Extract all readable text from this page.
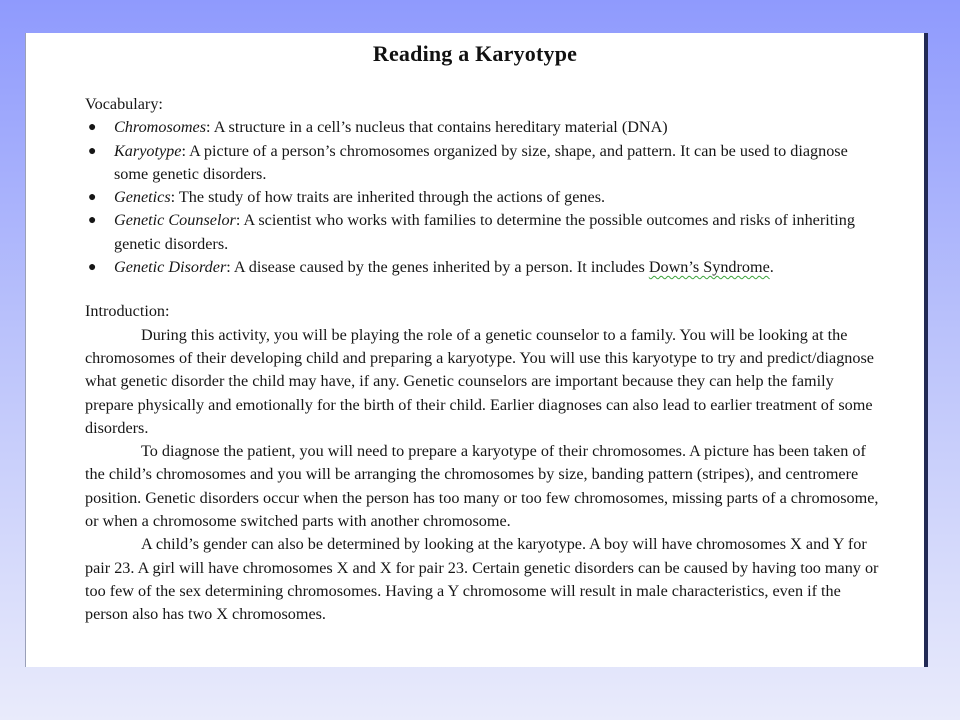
Reading a Karyotype

Vocabulary:

● Chromosomes: A structure in a cell’s nucleus that contains hereditary material (DNA)
● Karyotype: A picture of a person’s chromosomes organized by size, shape, and pattern. It can be used to diagnose some genetic disorders.
● Genetics: The study of how traits are inherited through the actions of genes.
● Genetic Counselor: A scientist who works with families to determine the possible outcomes and risks of inheriting genetic disorders.
● Genetic Disorder: A disease caused by the genes inherited by a person. It includes Down’s Syndrome.

Introduction:

During this activity, you will be playing the role of a genetic counselor to a family. You will be looking at the chromosomes of their developing child and preparing a karyotype. You will use this karyotype to try and predict/diagnose what genetic disorder the child may have, if any. Genetic counselors are important because they can help the family prepare physically and emotionally for the birth of their child. Earlier diagnoses can also lead to earlier treatment of some disorders.

To diagnose the patient, you will need to prepare a karyotype of their chromosomes. A picture has been taken of the child’s chromosomes and you will be arranging the chromosomes by size, banding pattern (stripes), and centromere position. Genetic disorders occur when the person has too many or too few chromosomes, missing parts of a chromosome, or when a chromosome switched parts with another chromosome.

A child’s gender can also be determined by looking at the karyotype. A boy will have chromosomes X and Y for pair 23. A girl will have chromosomes X and X for pair 23. Certain genetic disorders can be caused by having too many or too few of the sex determining chromosomes. Having a Y chromosome will result in male characteristics, even if the person also has two X chromosomes.
